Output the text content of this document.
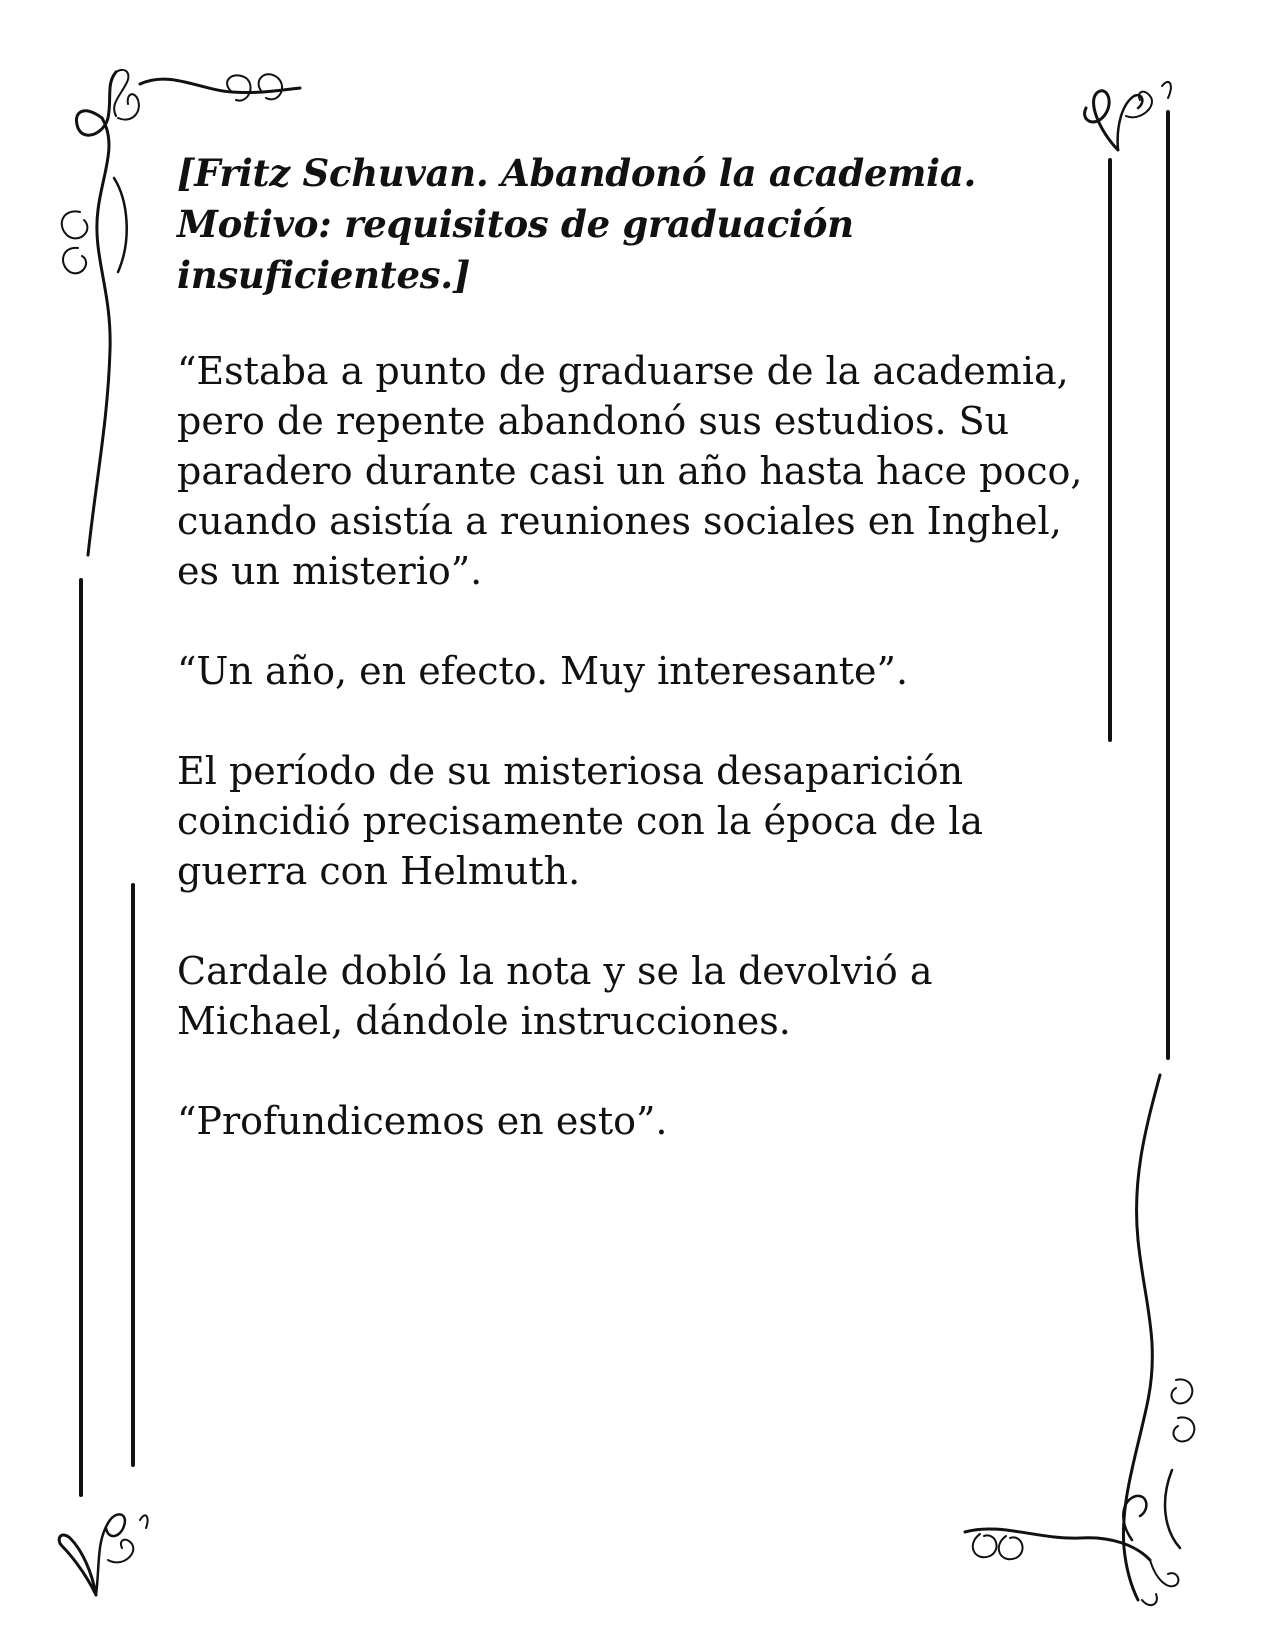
[Fritz Schuvan. Abandonó la academia. Motivo: requisitos de graduación insuficientes.]

“Estaba a punto de graduarse de la academia,
pero de repente abandonó sus estudios. Su
paradero durante casi un año hasta hace poco,
cuando asistía a reuniones sociales en Inghel,
es un misterio”.

“Un año, en efecto. Muy interesante”.

El período de su misteriosa desaparición
coincidió precisamente con la época de la
guerra con Helmuth.

Cardale dobló la nota y se la devolvió a
Michael, dándole instrucciones.

“Profundicemos en esto”.
